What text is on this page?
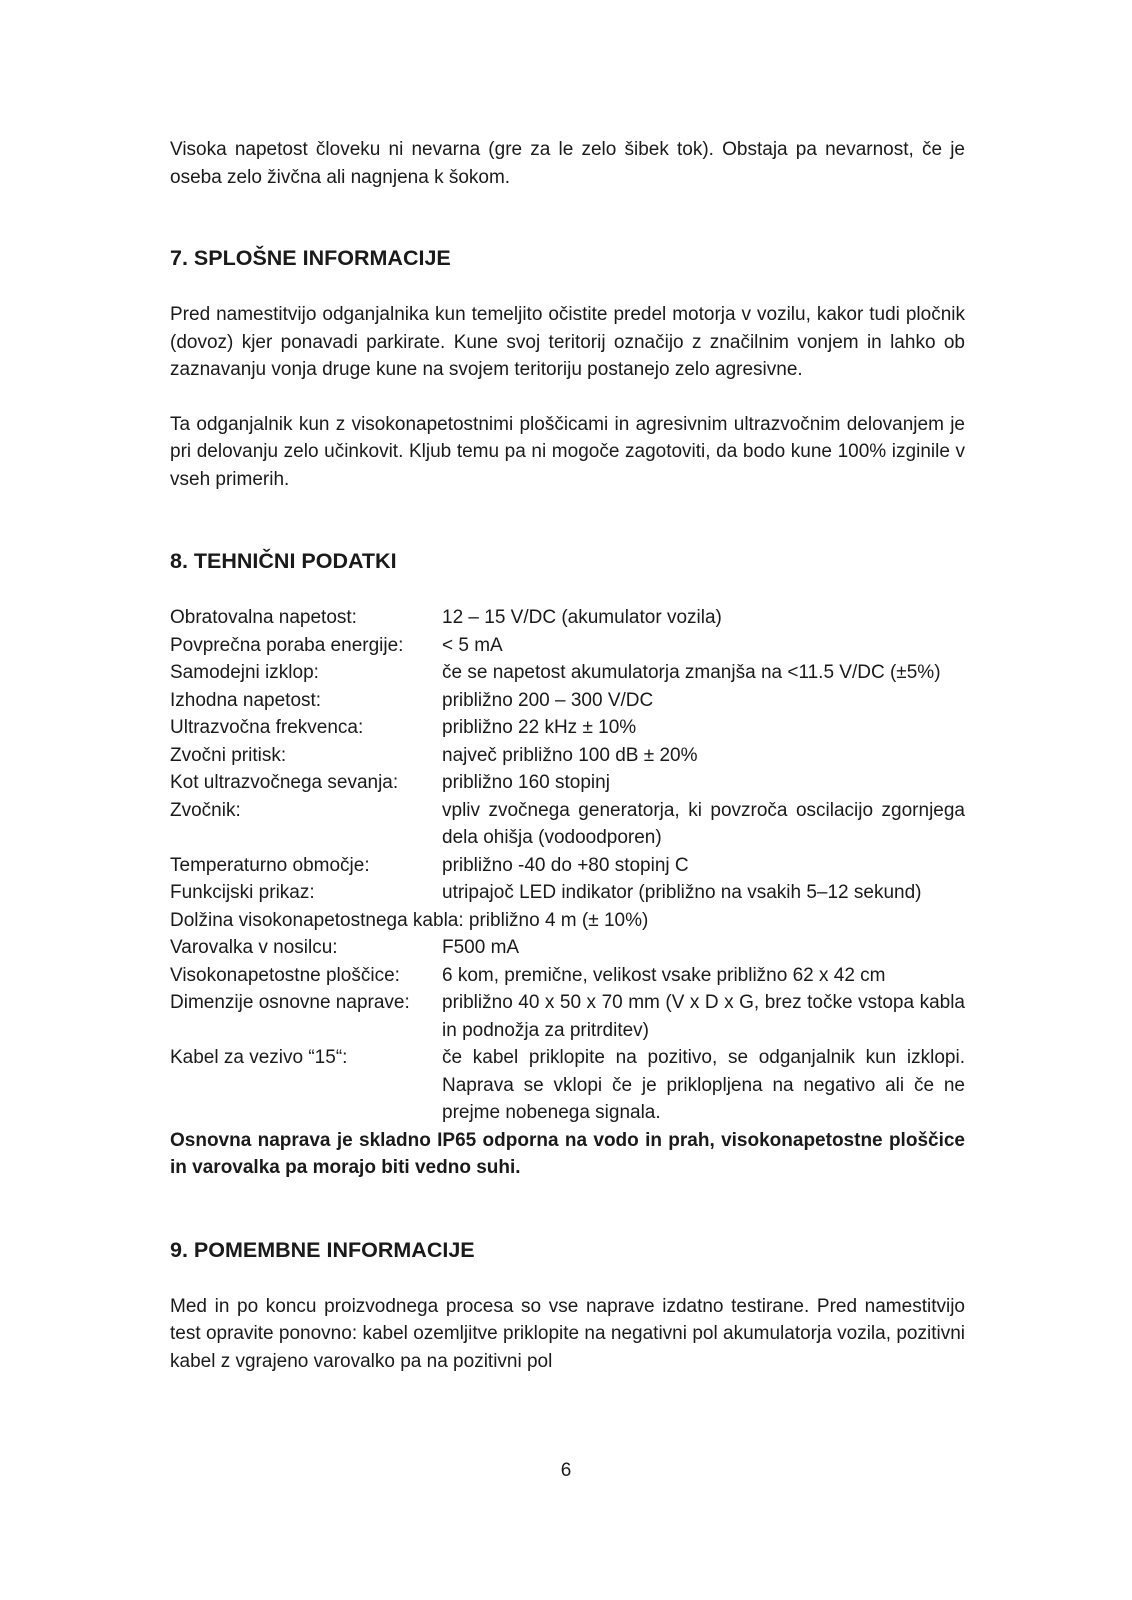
Visoka napetost človeku ni nevarna (gre za le zelo šibek tok). Obstaja pa nevarnost, če je oseba zelo živčna ali nagnjena k šokom.

7. SPLOŠNE INFORMACIJE

Pred namestitvijo odganjalnika kun temeljito očistite predel motorja v vozilu, kakor tudi pločnik (dovoz) kjer ponavadi parkirate. Kune svoj teritorij označijo z značilnim vonjem in lahko ob zaznavanju vonja druge kune na svojem teritoriju postanejo zelo agresivne.

Ta odganjalnik kun z visokonapetostnimi ploščicami in agresivnim ultrazvočnim delovanjem je pri delovanju zelo učinkovit. Kljub temu pa ni mogoče zagotoviti, da bodo kune 100% izginile v vseh primerih.

8. TEHNIČNI PODATKI
Obratovalna napetost:	12 – 15 V/DC (akumulator vozila)
Povprečna poraba energije:	< 5 mA
Samodejni izklop:	če se napetost akumulatorja zmanjša na <11.5 V/DC (±5%)
Izhodna napetost:	približno 200 – 300 V/DC
Ultrazvočna frekvenca:	približno 22 kHz ± 10%
Zvočni pritisk:	največ približno 100 dB ± 20%
Kot ultrazvočnega sevanja:	približno 160 stopinj
Zvočnik:	vpliv zvočnega generatorja, ki povzroča oscilacijo zgornjega dela ohišja (vodoodporen)
Temperaturno območje:	približno -40 do +80 stopinj C
Funkcijski prikaz:	utripajoč LED indikator (približno na vsakih 5–12 sekund)
Dolžina visokonapetostnega kabla: približno 4 m (± 10%)	
Varovalka v nosilcu:	F500 mA
Visokonapetostne ploščice:	6 kom, premične, velikost vsake približno 62 x 42 cm
Dimenzije osnovne naprave:	približno 40 x 50 x 70 mm (V x D x G, brez točke vstopa kabla in podnožja za pritrditev)
Kabel za vezivo “15“:	če kabel priklopite na pozitivo, se odganjalnik kun izklopi. Naprava se vklopi če je priklopljena na negativo ali če ne prejme nobenega signala.

Osnovna naprava je skladno IP65 odporna na vodo in prah, visokonapetostne ploščice in varovalka pa morajo biti vedno suhi.

9. POMEMBNE INFORMACIJE

Med in po koncu proizvodnega procesa so vse naprave izdatno testirane. Pred namestitvijo test opravite ponovno: kabel ozemljitve priklopite na negativni pol akumulatorja vozila, pozitivni kabel z vgrajeno varovalko pa na pozitivni pol

6
